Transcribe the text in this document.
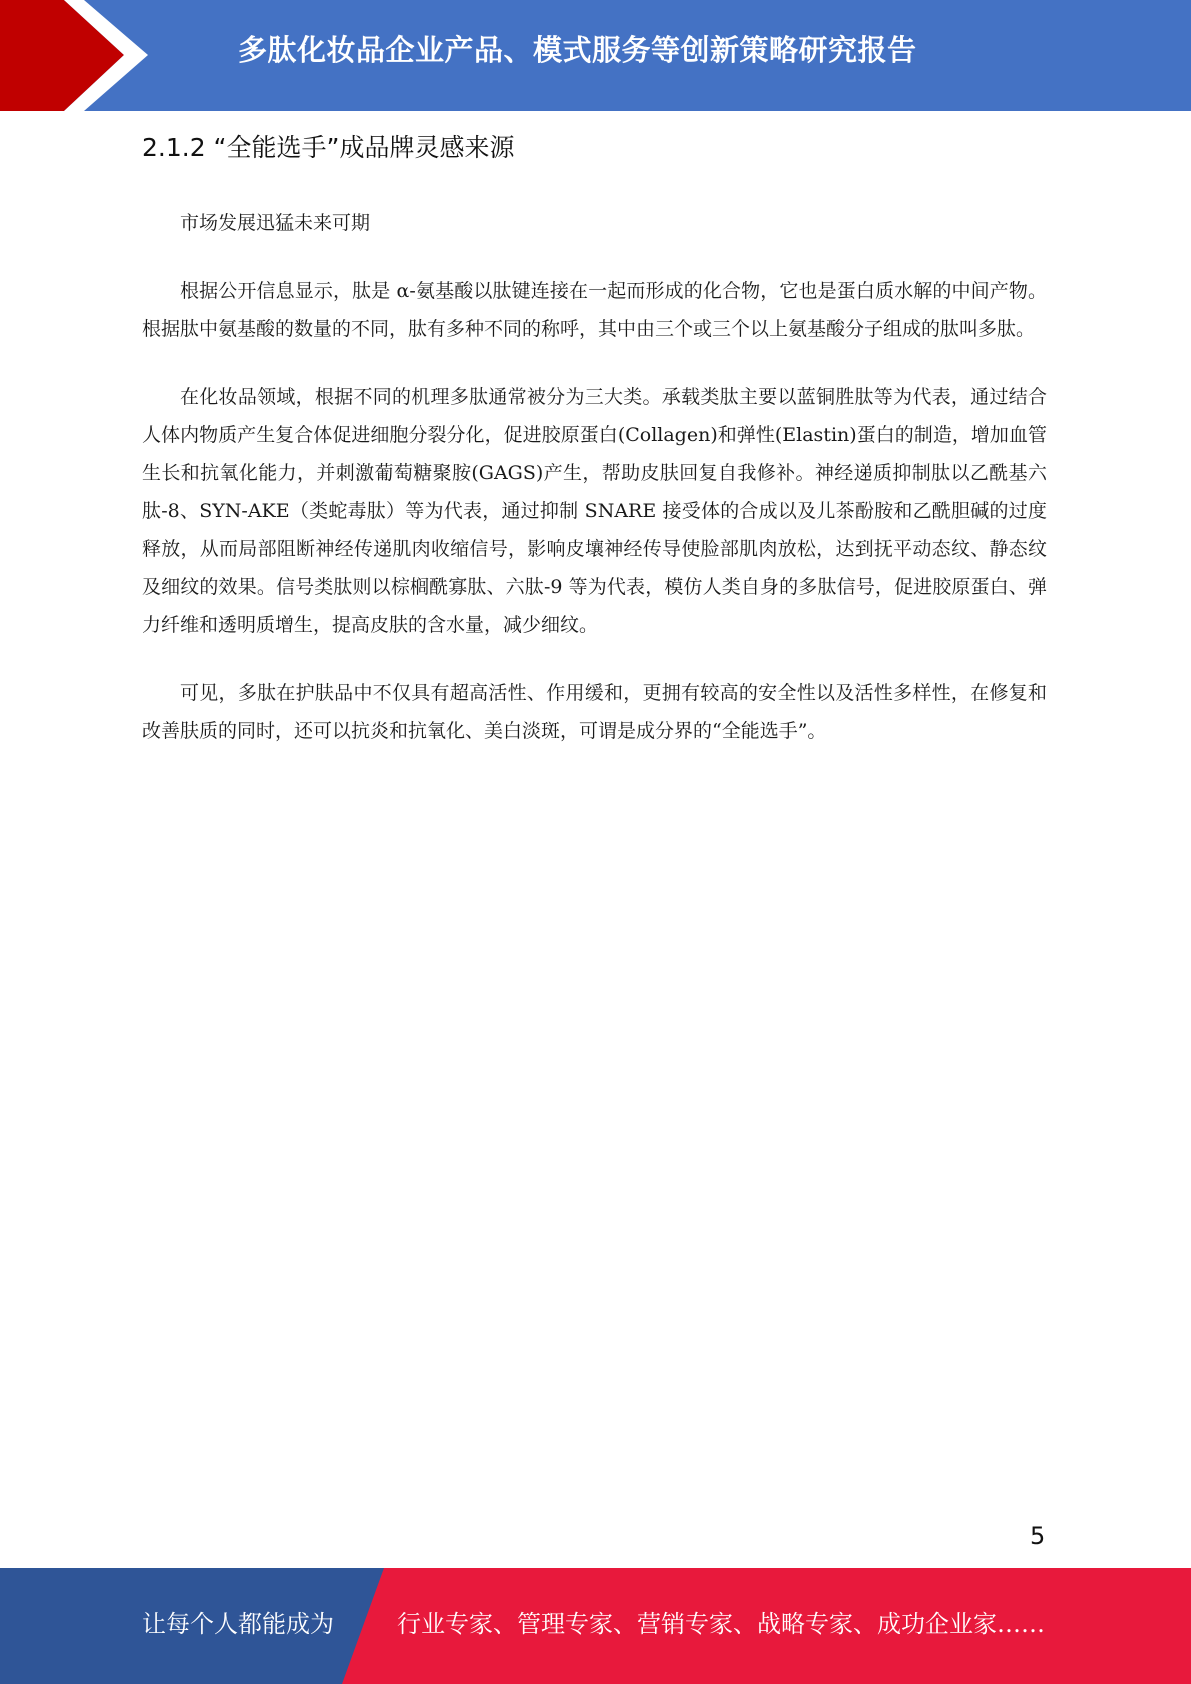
多肽化妆品企业产品、模式服务等创新策略研究报告
2.1.2 “全能选手”成品牌灵感来源

市场发展迅猛未来可期

根据公开信息显示，肽是 α-氨基酸以肽键连接在一起而形成的化合物，它也是蛋白质水解的中间产物。根据肽中氨基酸的数量的不同，肽有多种不同的称呼，其中由三个或三个以上氨基酸分子组成的肽叫多肽。

在化妆品领域，根据不同的机理多肽通常被分为三大类。承载类肽主要以蓝铜胜肽等为代表，通过结合人体内物质产生复合体促进细胞分裂分化，促进胶原蛋白(Collagen)和弹性(Elastin)蛋白的制造，增加血管生长和抗氧化能力，并刺激葡萄糖聚胺(GAGS)产生，帮助皮肤回复自我修补。神经递质抑制肽以乙酰基六肽-8、SYN-AKE（类蛇毒肽）等为代表，通过抑制 SNARE 接受体的合成以及儿茶酚胺和乙酰胆碱的过度释放，从而局部阻断神经传递肌肉收缩信号，影响皮壤神经传导使脸部肌肉放松，达到抚平动态纹、静态纹及细纹的效果。信号类肽则以棕榈酰寡肽、六肽-9 等为代表，模仿人类自身的多肽信号，促进胶原蛋白、弹力纤维和透明质增生，提高皮肤的含水量，减少细纹。

可见，多肽在护肤品中不仅具有超高活性、作用缓和，更拥有较高的安全性以及活性多样性，在修复和改善肤质的同时，还可以抗炎和抗氧化、美白淡斑，可谓是成分界的“全能选手”。

5
让每个人都能成为	行业专家、管理专家、营销专家、战略专家、成功企业家……
